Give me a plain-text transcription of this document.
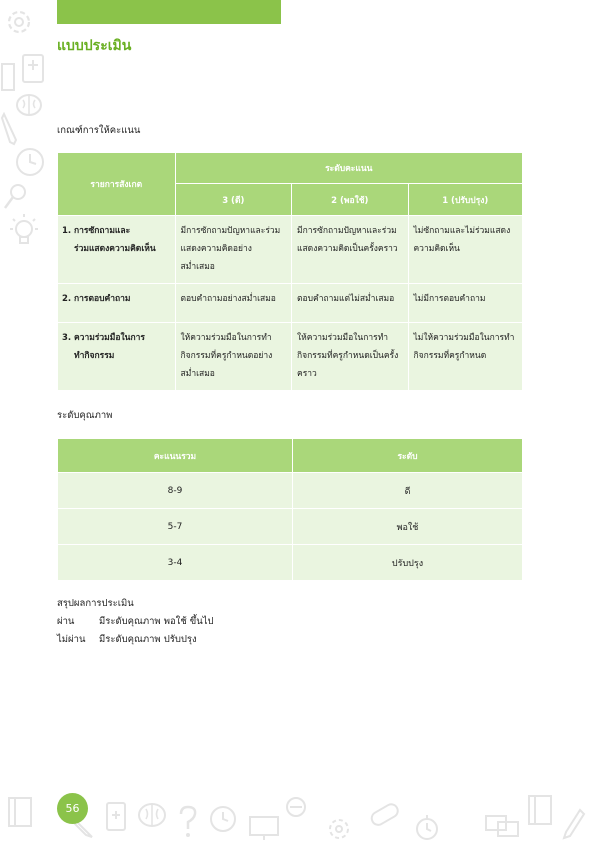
แบบประเมิน
เกณฑ์การให้คะแนน
รายการสังเกต	ระดับคะแนน		
	3 (ดี)	2 (พอใช้)	1 (ปรับปรุง)
1. การซักถามและ
ร่วมแสดงความคิดเห็น	มีการซักถามปัญหาและร่วมแสดงความคิดอย่างสม่ำเสมอ	มีการซักถามปัญหาและร่วมแสดงความคิดเป็นครั้งคราว	ไม่ซักถามและไม่ร่วมแสดงความคิดเห็น
2. การตอบคำถาม	ตอบคำถามอย่างสม่ำเสมอ	ตอบคำถามแต่ไม่สม่ำเสมอ	ไม่มีการตอบคำถาม
3. ความร่วมมือในการ
ทำกิจกรรม	ให้ความร่วมมือในการทำกิจกรรมที่ครูกำหนดอย่างสม่ำเสมอ	ให้ความร่วมมือในการทำกิจกรรมที่ครูกำหนดเป็นครั้งคราว	ไม่ให้ความร่วมมือในการทำกิจกรรมที่ครูกำหนด
ระดับคุณภาพ
คะแนนรวม	ระดับ
8-9	ดี
5-7	พอใช้
3-4	ปรับปรุง
สรุปผลการประเมิน
ผ่าน	มีระดับคุณภาพ พอใช้ ขึ้นไป
ไม่ผ่าน มีระดับคุณภาพ ปรับปรุง
56
